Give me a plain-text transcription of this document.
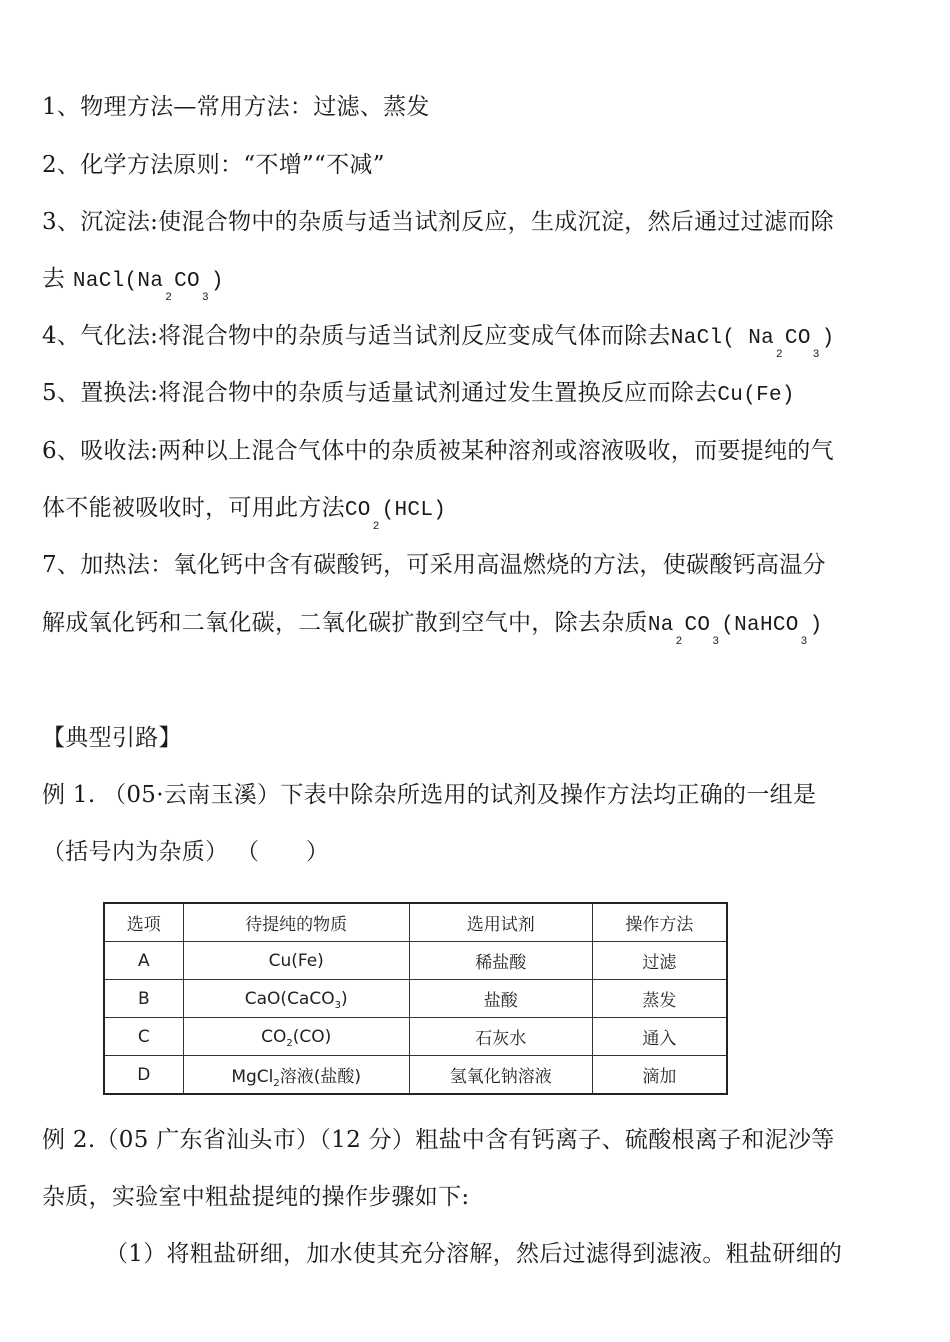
1、物理方法—常用方法：过滤、蒸发
2、化学方法原则：“不增”“不减”
3、沉淀法:使混合物中的杂质与适当试剂反应，生成沉淀，然后通过过滤而除
去 NaCl(Na2CO3)
4、气化法:将混合物中的杂质与适当试剂反应变成气体而除去NaCl( Na2CO3)
5、置换法:将混合物中的杂质与适量试剂通过发生置换反应而除去Cu(Fe)
6、吸收法:两种以上混合气体中的杂质被某种溶剂或溶液吸收，而要提纯的气
体不能被吸收时，可用此方法CO2(HCL)
7、加热法：氧化钙中含有碳酸钙，可采用高温燃烧的方法，使碳酸钙高温分
解成氧化钙和二氧化碳，二氧化碳扩散到空气中，除去杂质Na2CO3(NaHCO3)
【典型引路】
例 1. （05·云南玉溪）下表中除杂所选用的试剂及操作方法均正确的一组是
（括号内为杂质） （　　）
选项	待提纯的物质	选用试剂	操作方法
A	Cu(Fe)	稀盐酸	过滤
B	CaO(CaCO$_3$)	盐酸	蒸发
C	$CO_2(CO)$	石灰水	通入
D	MgCl$_2$溶液(盐酸)	氢氧化钠溶液	滴加
例 2.（05 广东省汕头市）（12 分）粗盐中含有钙离子、硫酸根离子和泥沙等
杂质，实验室中粗盐提纯的操作步骤如下:
（1）将粗盐研细，加水使其充分溶解，然后过滤得到滤液。粗盐研细的
